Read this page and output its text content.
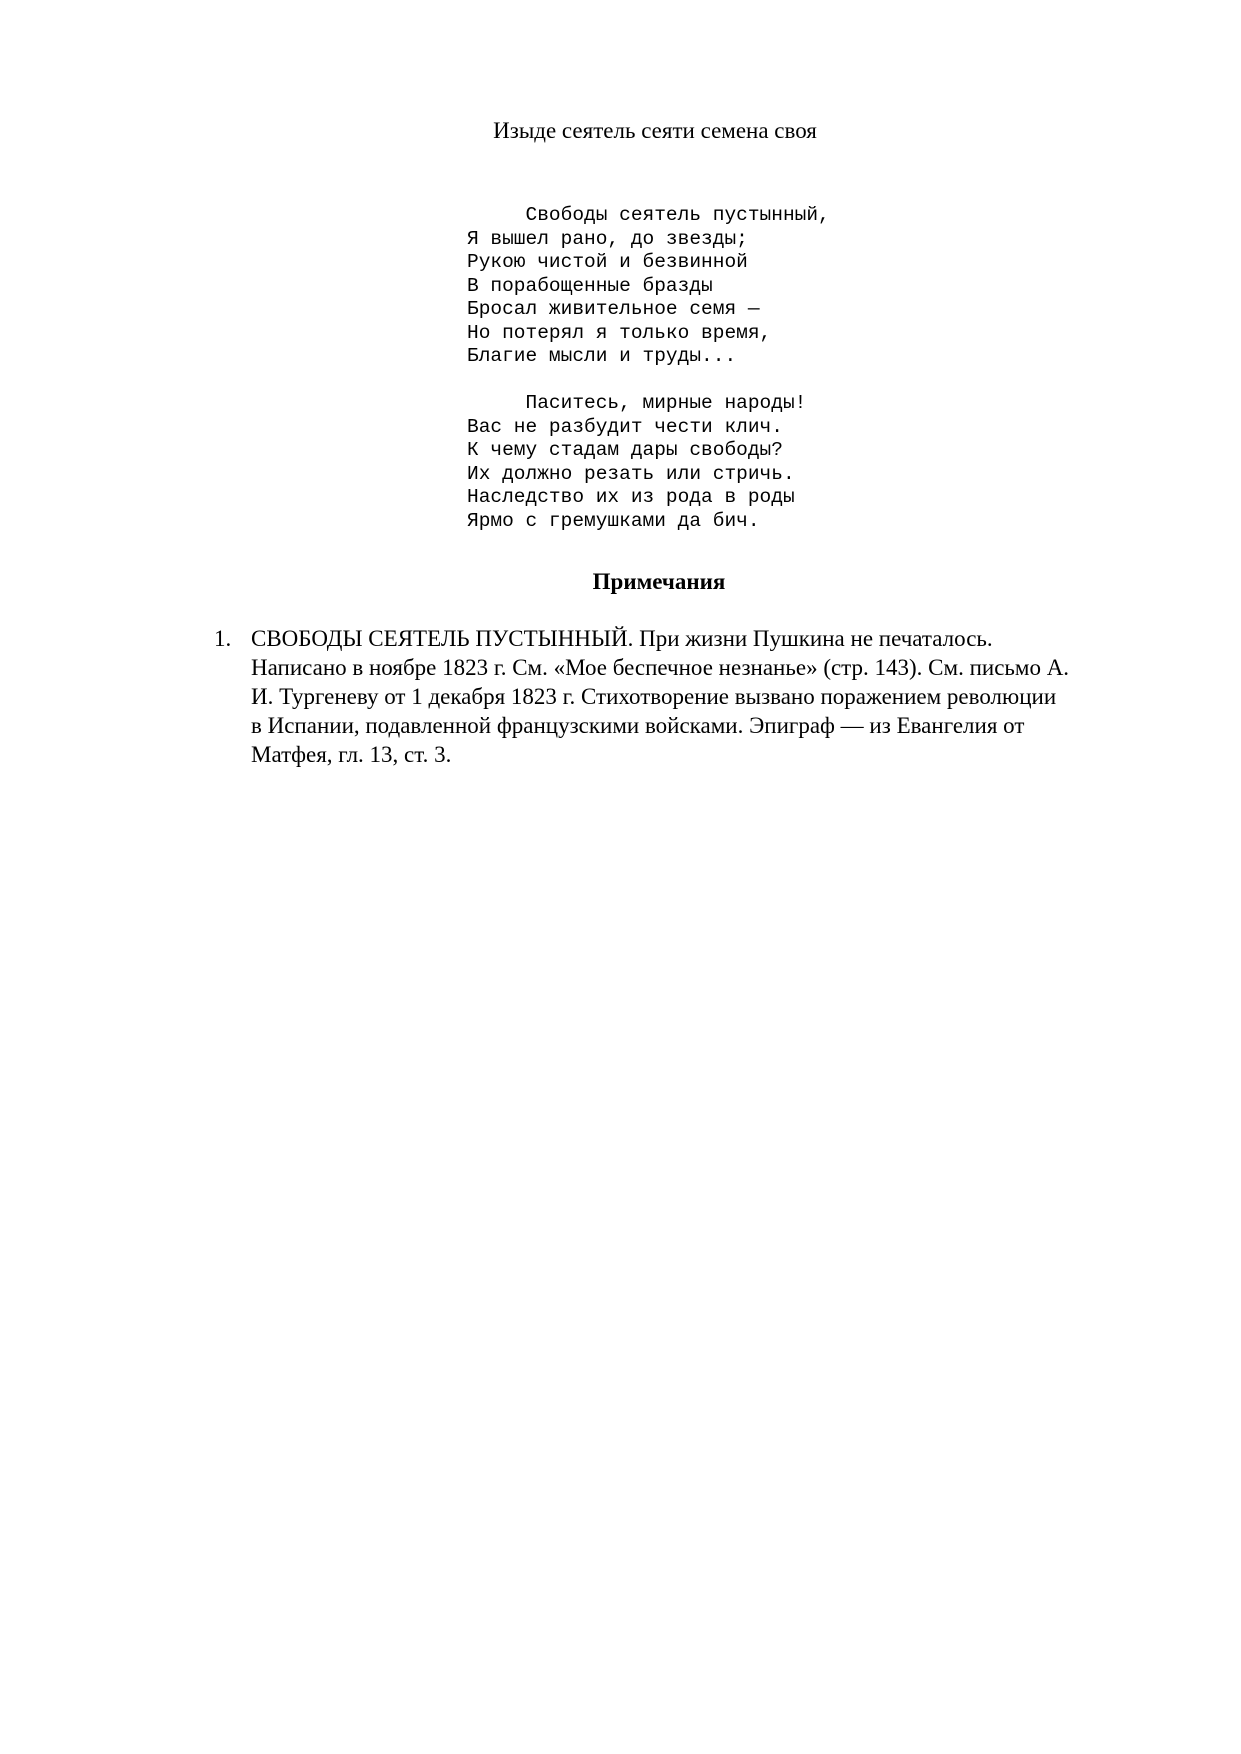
Изыде сеятель сеяти семена своя

Свободы сеятель пустынный,
Я вышел рано, до звезды;
Рукою чистой и безвинной
В порабощенные бразды
Бросал живительное семя —
Но потерял я только время,
Благие мысли и труды...
Паситесь, мирные народы!
Вас не разбудит чести клич.
К чему стадам дары свободы?
Их должно резать или стричь.
Наследство их из рода в роды
Ярмо с гремушками да бич.
Примечания
1. СВОБОДЫ СЕЯТЕЛЬ ПУСТЫННЫЙ. При жизни Пушкина не печаталось.
Написано в ноябре 1823 г. См. «Мое беспечное незнанье» (стр. 143). См. письмо А.
И. Тургеневу от 1 декабря 1823 г. Стихотворение вызвано поражением революции
в Испании, подавленной французскими войсками. Эпиграф — из Евангелия от
Матфея, гл. 13, ст. 3.
